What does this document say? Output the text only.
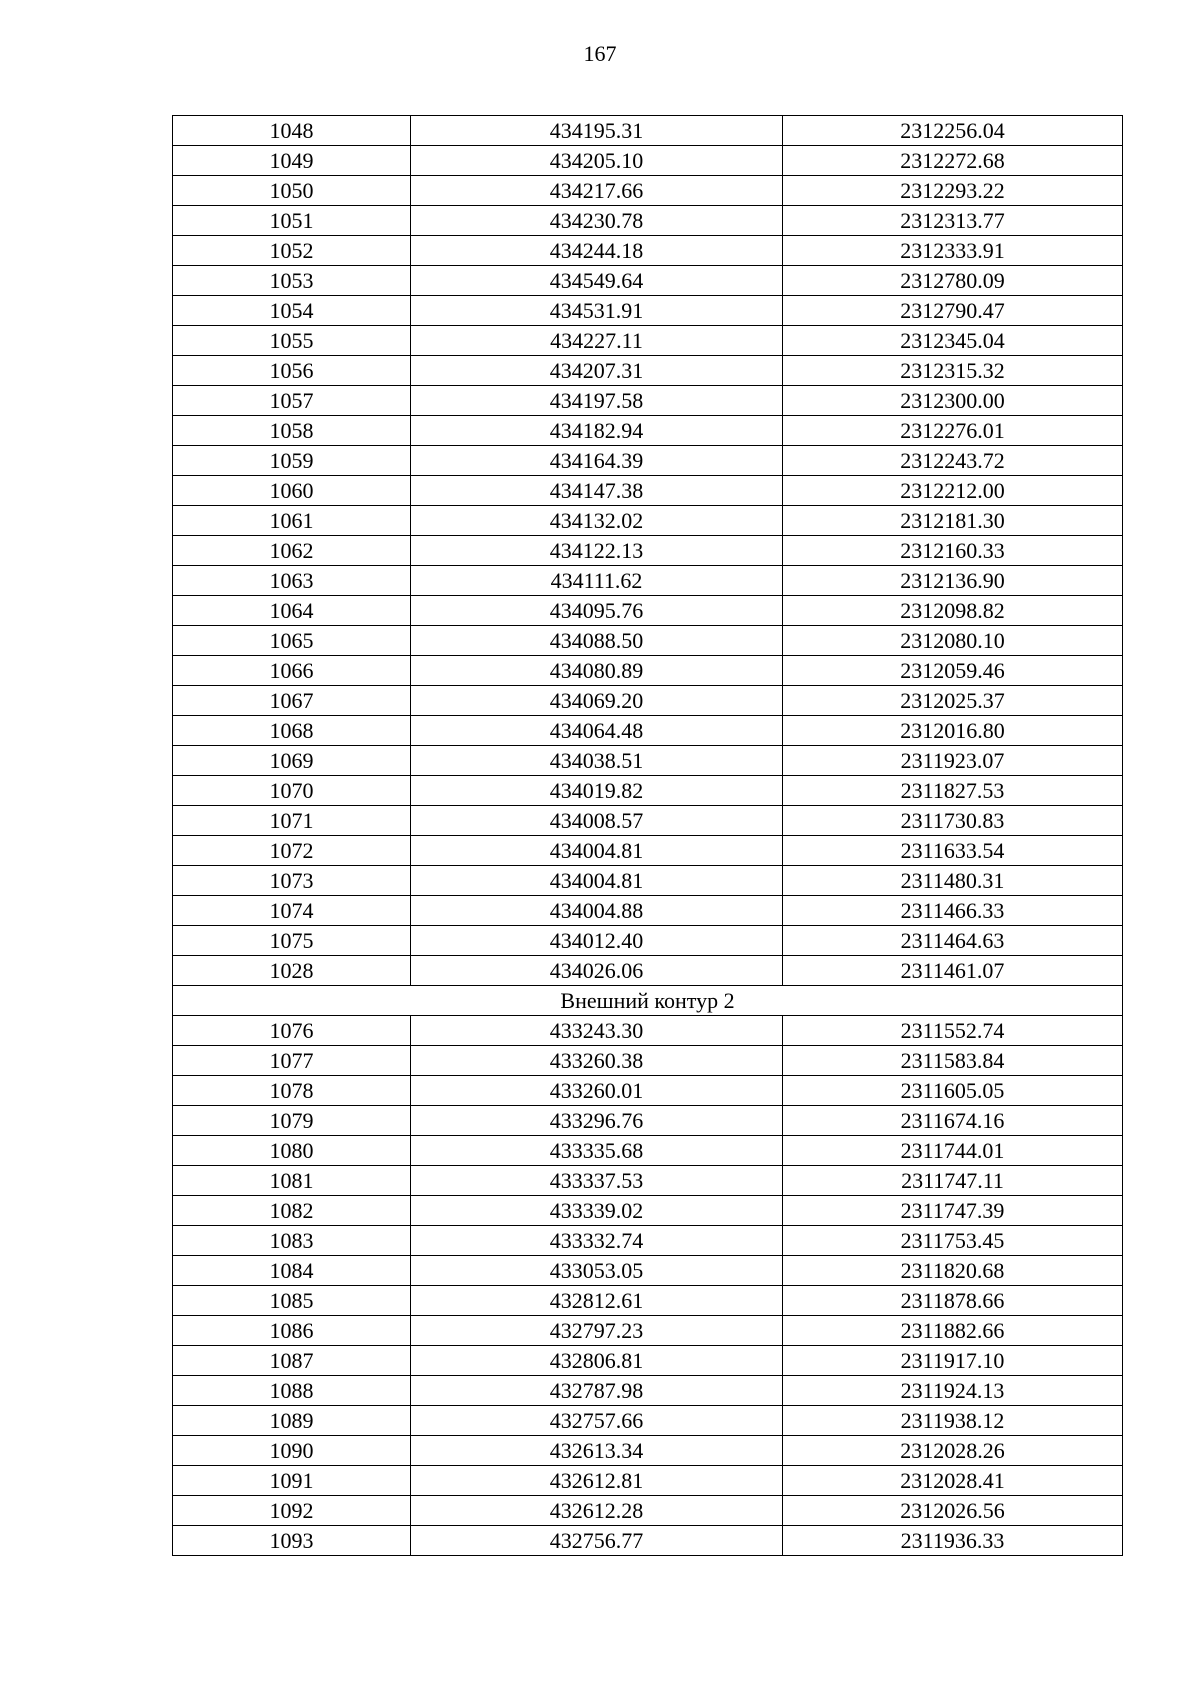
167
1048	434195.31	2312256.04
1049	434205.10	2312272.68
1050	434217.66	2312293.22
1051	434230.78	2312313.77
1052	434244.18	2312333.91
1053	434549.64	2312780.09
1054	434531.91	2312790.47
1055	434227.11	2312345.04
1056	434207.31	2312315.32
1057	434197.58	2312300.00
1058	434182.94	2312276.01
1059	434164.39	2312243.72
1060	434147.38	2312212.00
1061	434132.02	2312181.30
1062	434122.13	2312160.33
1063	434111.62	2312136.90
1064	434095.76	2312098.82
1065	434088.50	2312080.10
1066	434080.89	2312059.46
1067	434069.20	2312025.37
1068	434064.48	2312016.80
1069	434038.51	2311923.07
1070	434019.82	2311827.53
1071	434008.57	2311730.83
1072	434004.81	2311633.54
1073	434004.81	2311480.31
1074	434004.88	2311466.33
1075	434012.40	2311464.63
1028	434026.06	2311461.07
Внешний контур 2		
1076	433243.30	2311552.74
1077	433260.38	2311583.84
1078	433260.01	2311605.05
1079	433296.76	2311674.16
1080	433335.68	2311744.01
1081	433337.53	2311747.11
1082	433339.02	2311747.39
1083	433332.74	2311753.45
1084	433053.05	2311820.68
1085	432812.61	2311878.66
1086	432797.23	2311882.66
1087	432806.81	2311917.10
1088	432787.98	2311924.13
1089	432757.66	2311938.12
1090	432613.34	2312028.26
1091	432612.81	2312028.41
1092	432612.28	2312026.56
1093	432756.77	2311936.33
